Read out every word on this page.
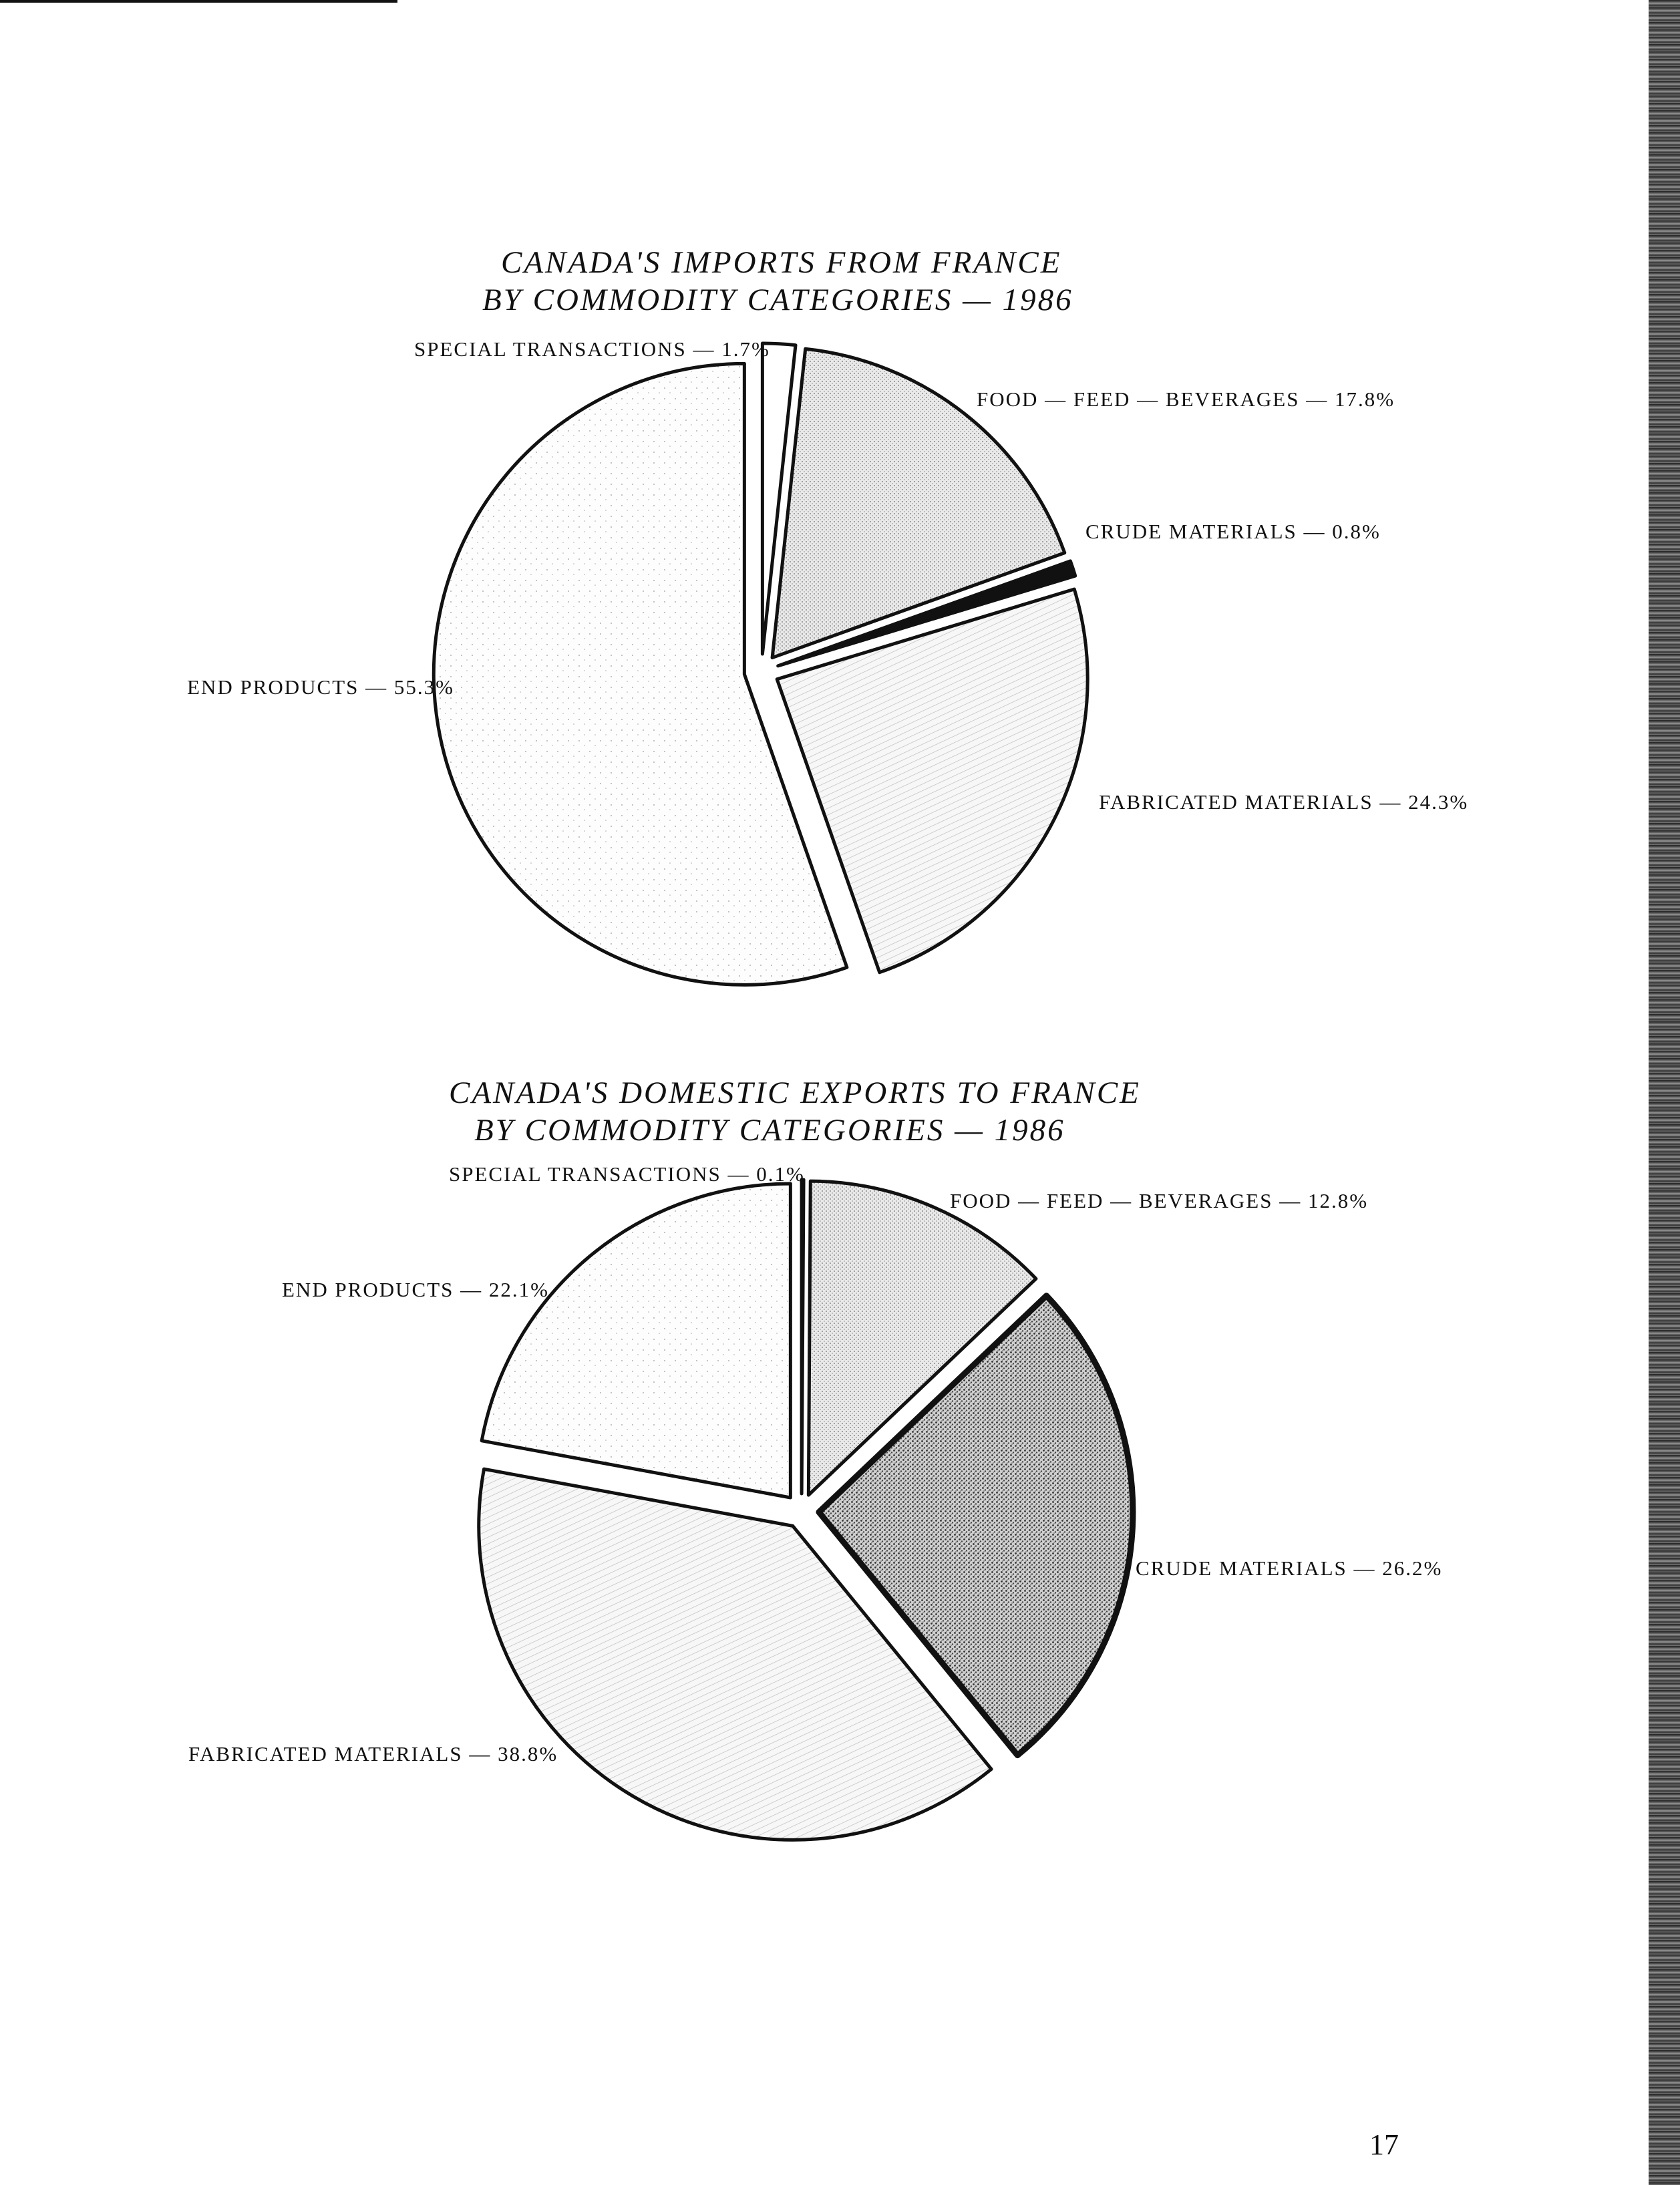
CANADA'S IMPORTS FROM FRANCE
BY COMMODITY CATEGORIES — 1986
SPECIAL TRANSACTIONS — 1.7%
FOOD — FEED — BEVERAGES — 17.8%
CRUDE MATERIALS — 0.8%
FABRICATED MATERIALS — 24.3%
END PRODUCTS — 55.3%
CANADA'S DOMESTIC EXPORTS TO FRANCE
BY COMMODITY CATEGORIES — 1986
SPECIAL TRANSACTIONS — 0.1%
FOOD — FEED — BEVERAGES — 12.8%
CRUDE MATERIALS — 26.2%
FABRICATED MATERIALS — 38.8%
END PRODUCTS — 22.1%
17
